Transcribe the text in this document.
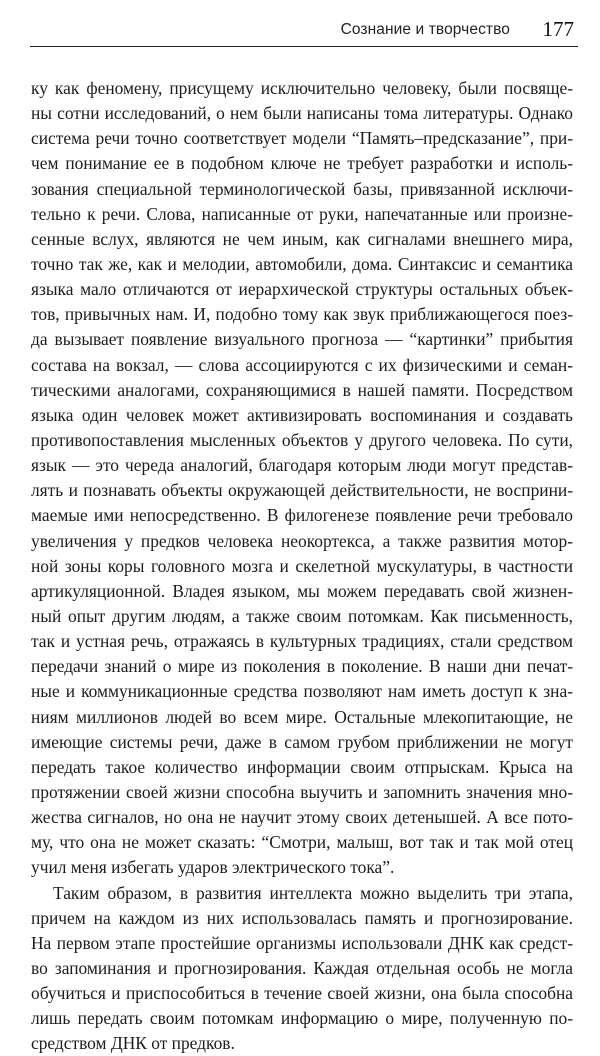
Сознание и творчество 177
ку как феномену, присущему исключительно человеку, были посвяще-
ны сотни исследований, о нем были написаны тома литературы. Однако
система речи точно соответствует модели “Память–предсказание”, при-
чем понимание ее в подобном ключе не требует разработки и исполь-
зования специальной терминологической базы, привязанной исключи-
тельно к речи. Слова, написанные от руки, напечатанные или произне-
сенные вслух, являются не чем иным, как сигналами внешнего мира,
точно так же, как и мелодии, автомобили, дома. Синтаксис и семантика
языка мало отличаются от иерархической структуры остальных объек-
тов, привычных нам. И, подобно тому как звук приближающегося поез-
да вызывает появление визуального прогноза — “картинки” прибытия
состава на вокзал, — слова ассоциируются с их физическими и семан-
тическими аналогами, сохраняющимися в нашей памяти. Посредством
языка один человек может активизировать воспоминания и создавать
противопоставления мысленных объектов у другого человека. По сути,
язык — это череда аналогий, благодаря которым люди могут представ-
лять и познавать объекты окружающей действительности, не восприни-
маемые ими непосредственно. В филогенезе появление речи требовало
увеличения у предков человека неокортекса, а также развития мотор-
ной зоны коры головного мозга и скелетной мускулатуры, в частности
артикуляционной. Владея языком, мы можем передавать свой жизнен-
ный опыт другим людям, а также своим потомкам. Как письменность,
так и устная речь, отражаясь в культурных традициях, стали средством
передачи знаний о мире из поколения в поколение. В наши дни печат-
ные и коммуникационные средства позволяют нам иметь доступ к зна-
ниям миллионов людей во всем мире. Остальные млекопитающие, не
имеющие системы речи, даже в самом грубом приближении не могут
передать такое количество информации своим отпрыскам. Крыса на
протяжении своей жизни способна выучить и запомнить значения мно-
жества сигналов, но она не научит этому своих детенышей. А все пото-
му, что она не может сказать: “Смотри, малыш, вот так и так мой отец
учил меня избегать ударов электрического тока”.
Таким образом, в развития интеллекта можно выделить три этапа,
причем на каждом из них использовалась память и прогнозирование.
На первом этапе простейшие организмы использовали ДНК как средст-
во запоминания и прогнозирования. Каждая отдельная особь не могла
обучиться и приспособиться в течение своей жизни, она была способна
лишь передать своим потомкам информацию о мире, полученную по-
средством ДНК от предков.
